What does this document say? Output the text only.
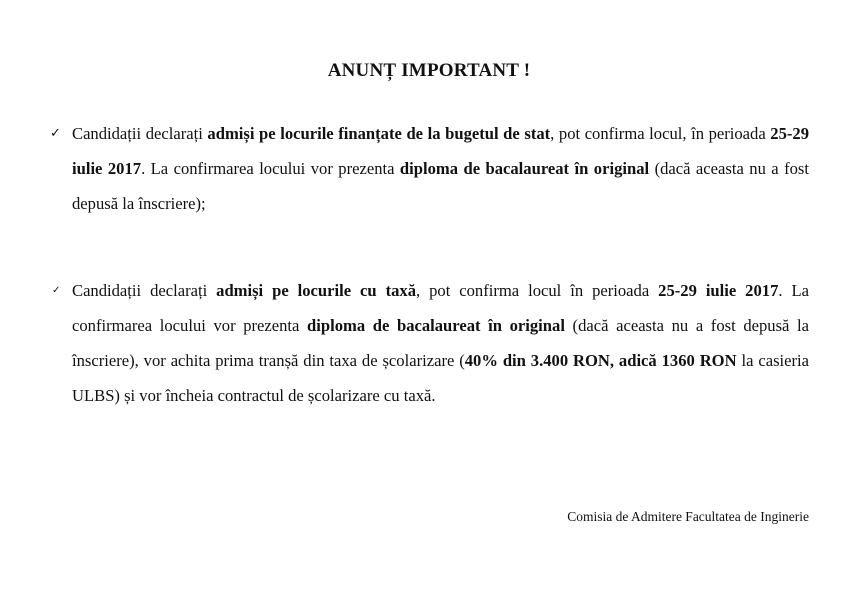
ANUNȚ IMPORTANT !
✓ Candidații declarați admiși pe locurile finanțate de la bugetul de stat, pot confirma locul, în perioada 25-29 iulie 2017. La confirmarea locului vor prezenta diploma de bacalaureat în original (dacă aceasta nu a fost depusă la înscriere);
✓ Candidații declarați admiși pe locurile cu taxă, pot confirma locul în perioada 25-29 iulie 2017. La confirmarea locului vor prezenta diploma de bacalaureat în original (dacă aceasta nu a fost depusă la înscriere), vor achita prima tranșă din taxa de școlarizare (40% din 3.400 RON, adică 1360 RON la casieria ULBS) și vor încheia contractul de școlarizare cu taxă.
Comisia de Admitere Facultatea de Inginerie
